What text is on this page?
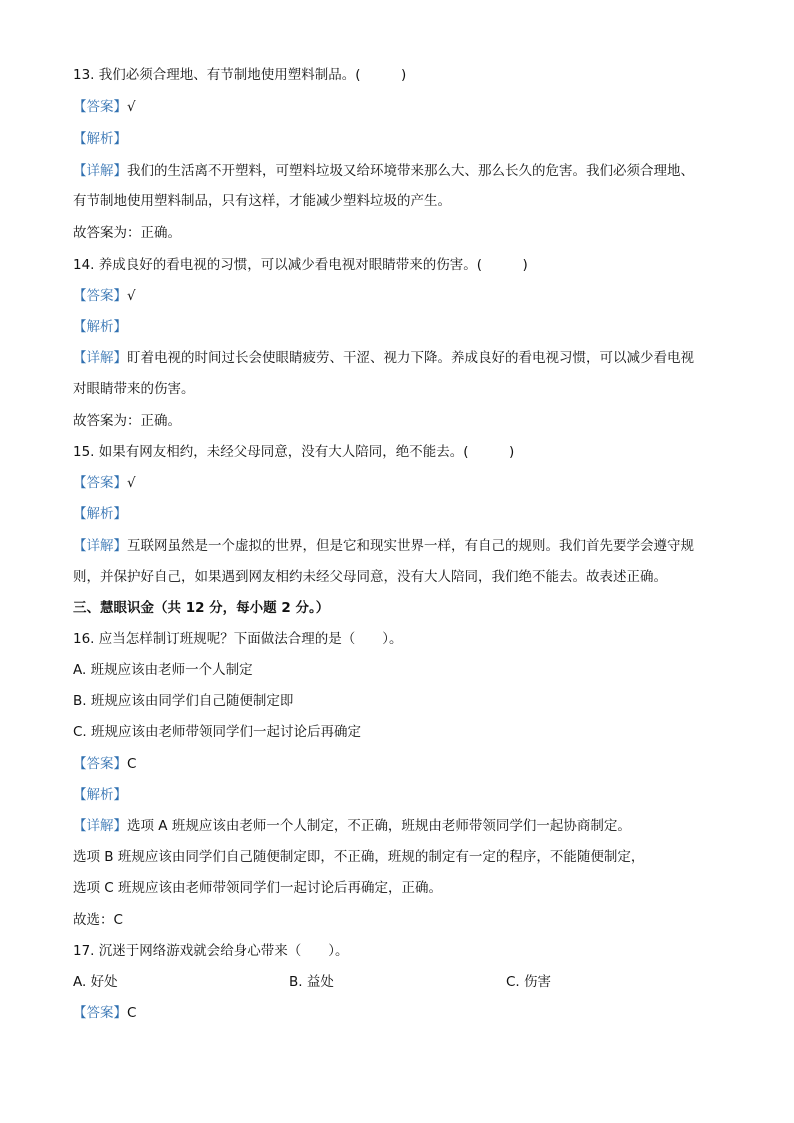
13. 我们必须合理地、有节制地使用塑料制品。(　　　)
【答案】√
【解析】
【详解】我们的生活离不开塑料，可塑料垃圾又给环境带来那么大、那么长久的危害。我们必须合理地、
有节制地使用塑料制品，只有这样，才能减少塑料垃圾的产生。
故答案为：正确。
14. 养成良好的看电视的习惯，可以减少看电视对眼睛带来的伤害。(　　　)
【答案】√
【解析】
【详解】盯着电视的时间过长会使眼睛疲劳、干涩、视力下降。养成良好的看电视习惯，可以减少看电视
对眼睛带来的伤害。
故答案为：正确。
15. 如果有网友相约，未经父母同意，没有大人陪同，绝不能去。(　　　)
【答案】√
【解析】
【详解】互联网虽然是一个虚拟的世界，但是它和现实世界一样，有自己的规则。我们首先要学会遵守规
则，并保护好自己，如果遇到网友相约未经父母同意，没有大人陪同，我们绝不能去。故表述正确。
三、慧眼识金（共 12 分，每小题 2 分。）
16. 应当怎样制订班规呢？下面做法合理的是（　　）。
A. 班规应该由老师一个人制定
B. 班规应该由同学们自己随便制定即
C. 班规应该由老师带领同学们一起讨论后再确定
【答案】C
【解析】
【详解】选项 A 班规应该由老师一个人制定，不正确，班规由老师带领同学们一起协商制定。
选项 B 班规应该由同学们自己随便制定即，不正确，班规的制定有一定的程序，不能随便制定，
选项 C 班规应该由老师带领同学们一起讨论后再确定，正确。
故选：C
17. 沉迷于网络游戏就会给身心带来（　　）。
A. 好处	B. 益处	C. 伤害
【答案】C
